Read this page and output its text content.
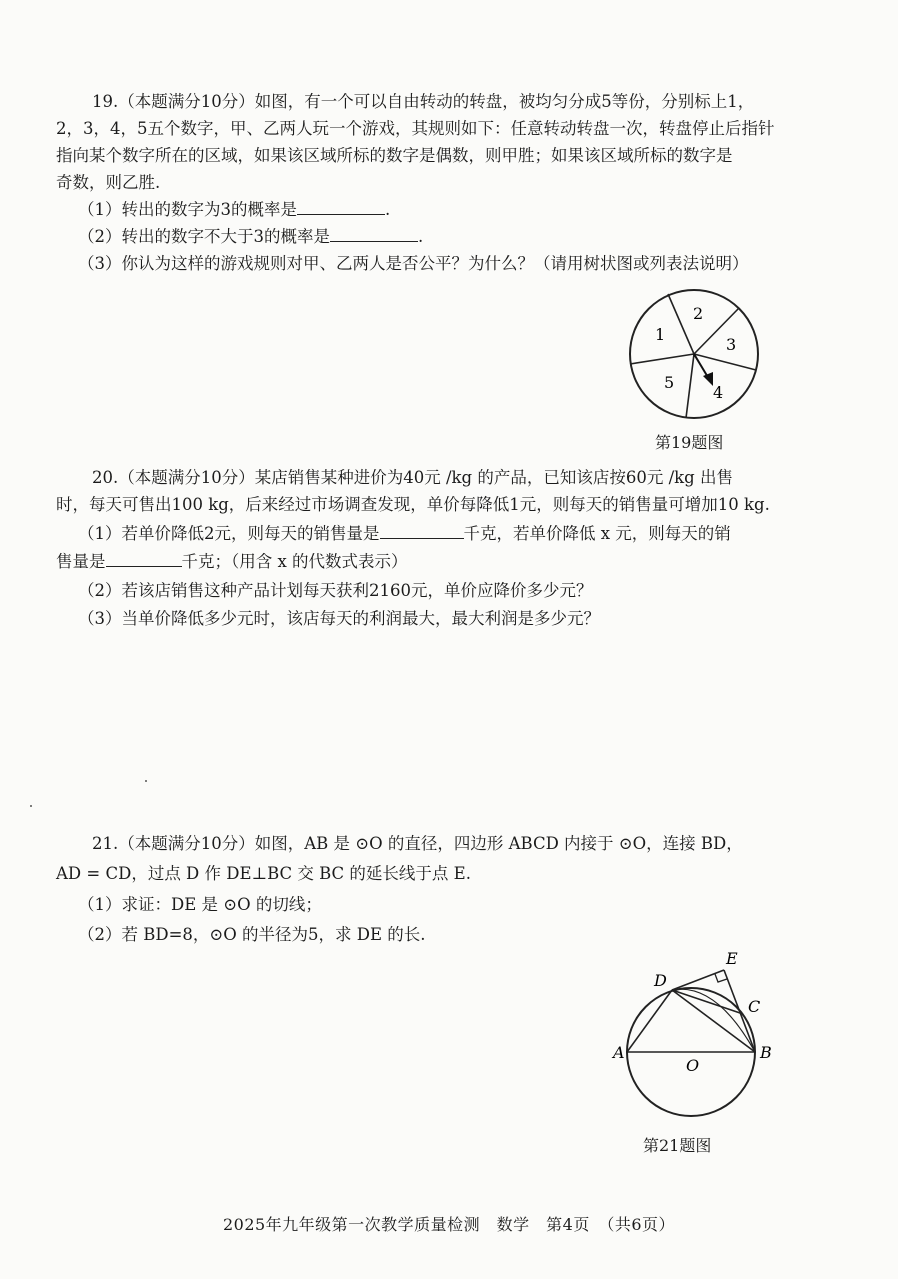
19.（本题满分10分）如图，有一个可以自由转动的转盘，被均匀分成5等份，分别标上1，
2，3，4，5五个数字，甲、乙两人玩一个游戏，其规则如下：任意转动转盘一次，转盘停止后指针
指向某个数字所在的区域，如果该区域所标的数字是偶数，则甲胜；如果该区域所标的数字是
奇数，则乙胜.
（1）转出的数字为3的概率是	.
（2）转出的数字不大于3的概率是	.
（3）你认为这样的游戏规则对甲、乙两人是否公平？为什么？（请用树状图或列表法说明）
1
2
3
4
5
第19题图
20.（本题满分10分）某店销售某种进价为40元 /kg 的产品，已知该店按60元 /kg 出售
时，每天可售出100 kg，后来经过市场调查发现，单价每降低1元，则每天的销售量可增加10 kg.
（1）若单价降低2元，则每天的销售量是	千克，若单价降低 x 元，则每天的销
售量是	千克；（用含 x 的代数式表示）
（2）若该店销售这种产品计划每天获利2160元，单价应降价多少元？
（3）当单价降低多少元时，该店每天的利润最大，最大利润是多少元？
21.（本题满分10分）如图，AB 是 ⊙O 的直径，四边形 ABCD 内接于 ⊙O，连接 BD，
AD = CD，过点 D 作 DE⊥BC 交 BC 的延长线于点 E.
（1）求证：DE 是 ⊙O 的切线；
（2）若 BD=8，⊙O 的半径为5，求 DE 的长.
A	B
C
D
E
O
第21题图
2025年九年级第一次教学质量检测　数学　第4页　（共6页）
